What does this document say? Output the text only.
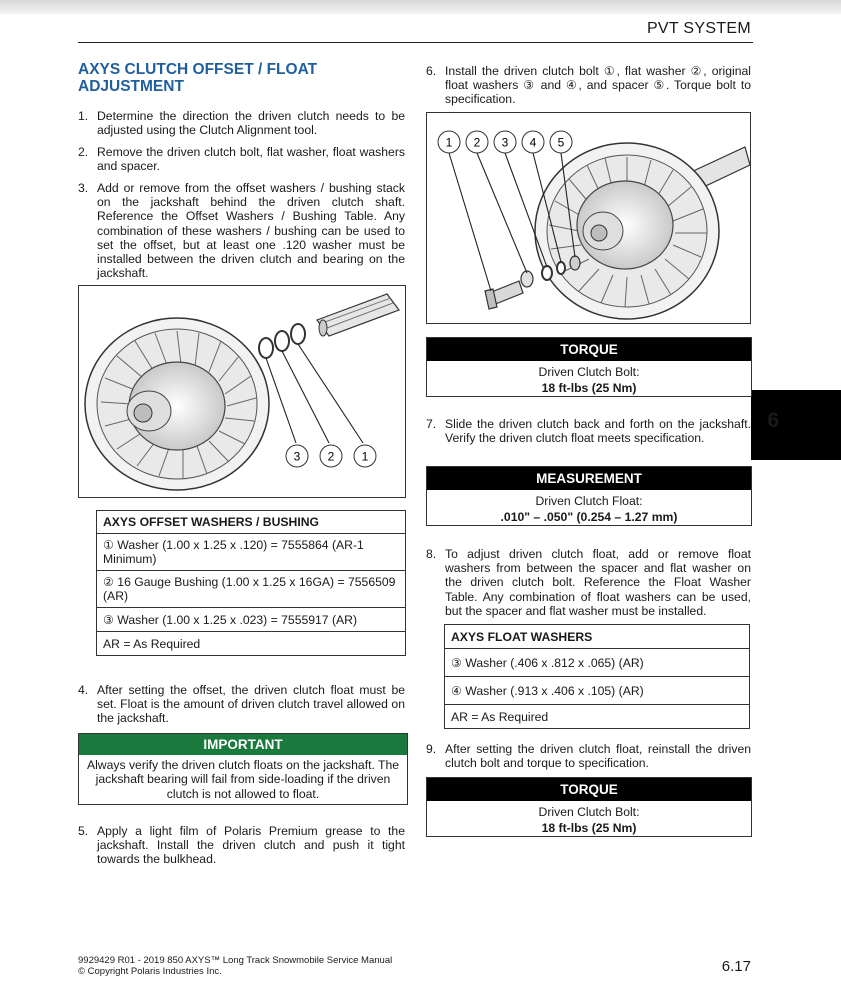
PVT SYSTEM
6
AXYS CLUTCH OFFSET / FLOAT ADJUSTMENT
1. Determine the direction the driven clutch needs to be adjusted using the Clutch Alignment tool.
2. Remove the driven clutch bolt, flat washer, float washers and spacer.
3. Add or remove from the offset washers / bushing stack on the jackshaft behind the driven clutch shaft. Reference the Offset Washers / Bushing Table. Any combination of these washers / bushing can be used to set the offset, but at least one .120 washer must be installed between the driven clutch and bearing on the jackshaft.
3 2 1
AXYS OFFSET WASHERS / BUSHING
① Washer (1.00 x 1.25 x .120) = 7555864 (AR-1 Minimum)
② 16 Gauge Bushing (1.00 x 1.25 x 16GA) = 7556509 (AR)
③ Washer (1.00 x 1.25 x .023) = 7555917 (AR)
AR = As Required
4. After setting the offset, the driven clutch float must be set. Float is the amount of driven clutch travel allowed on the jackshaft.
IMPORTANT
Always verify the driven clutch floats on the jackshaft. The jackshaft bearing will fail from side-loading if the driven clutch is not allowed to float.
5. Apply a light film of Polaris Premium grease to the jackshaft. Install the driven clutch and push it tight towards the bulkhead.
6. Install the driven clutch bolt ①, flat washer ②, original float washers ③ and ④, and spacer ⑤. Torque bolt to specification.
1 2 3 4 5
TORQUE
Driven Clutch Bolt:
18 ft-lbs (25 Nm)
7. Slide the driven clutch back and forth on the jackshaft. Verify the driven clutch float meets specification.
MEASUREMENT
Driven Clutch Float:
.010" – .050" (0.254 – 1.27 mm)
8. To adjust driven clutch float, add or remove float washers from between the spacer and flat washer on the driven clutch bolt. Reference the Float Washer Table. Any combination of float washers can be used, but the spacer and flat washer must be installed.
AXYS FLOAT WASHERS
③ Washer (.406 x .812 x .065) (AR)
④ Washer (.913 x .406 x .105) (AR)
AR = As Required
9. After setting the driven clutch float, reinstall the driven clutch bolt and torque to specification.
TORQUE
Driven Clutch Bolt:
18 ft-lbs (25 Nm)
9929429 R01 - 2019 850 AXYS™ Long Track Snowmobile Service Manual
© Copyright Polaris Industries Inc.	6.17
